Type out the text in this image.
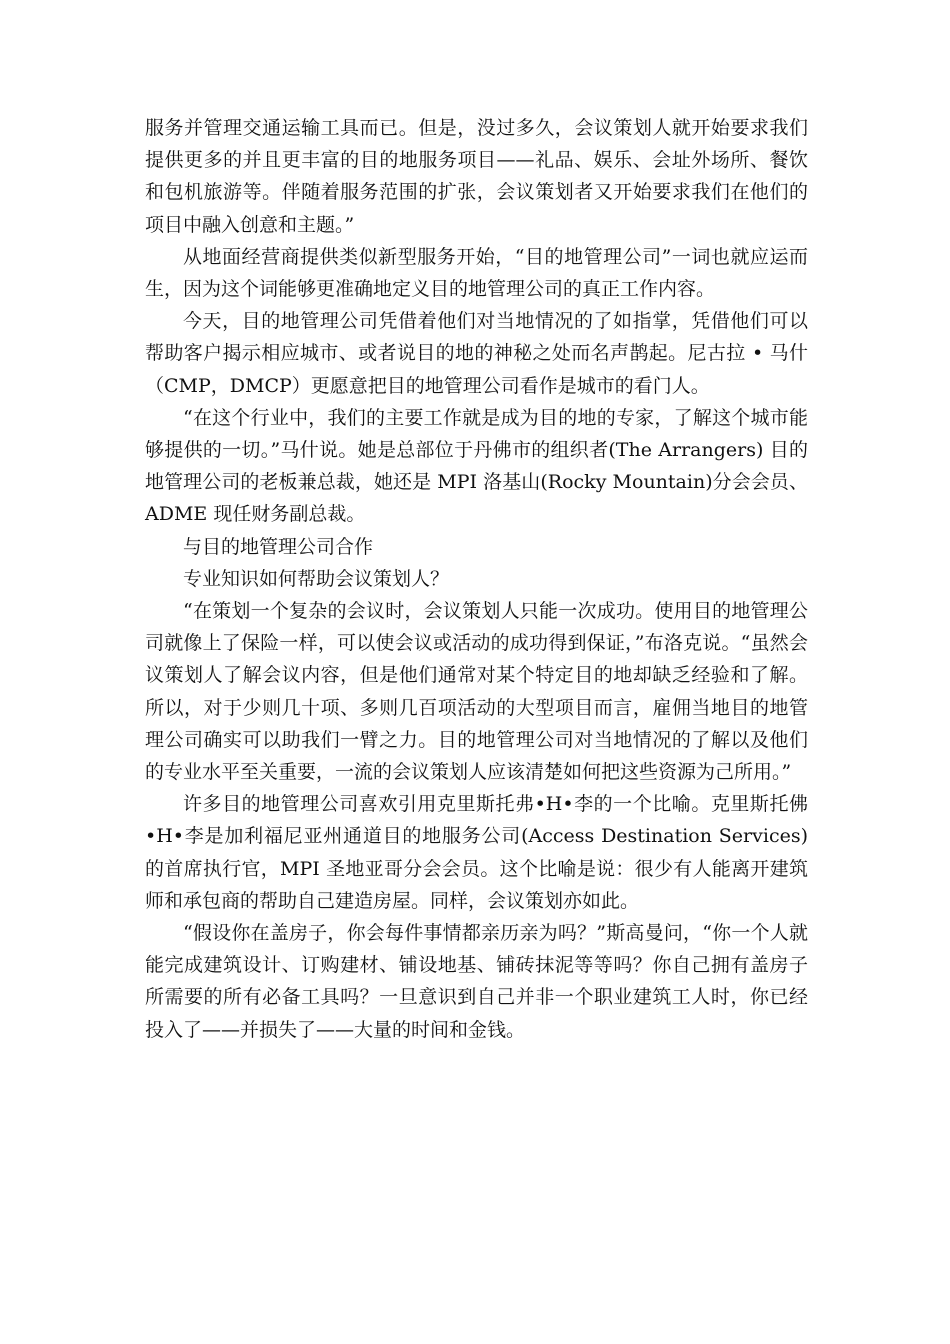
服务并管理交通运输工具而已。但是，没过多久，会议策划人就开始要求我们提供更多的并且更丰富的目的地服务项目——礼品、娱乐、会址外场所、餐饮和包机旅游等。伴随着服务范围的扩张，会议策划者又开始要求我们在他们的项目中融入创意和主题。”

从地面经营商提供类似新型服务开始，“目的地管理公司”一词也就应运而生，因为这个词能够更准确地定义目的地管理公司的真正工作内容。

今天，目的地管理公司凭借着他们对当地情况的了如指掌，凭借他们可以帮助客户揭示相应城市、或者说目的地的神秘之处而名声鹊起。尼古拉 • 马什（CMP，DMCP）更愿意把目的地管理公司看作是城市的看门人。

“在这个行业中，我们的主要工作就是成为目的地的专家，了解这个城市能够提供的一切。”马什说。她是总部位于丹佛市的组织者(The Arrangers) 目的地管理公司的老板兼总裁，她还是 MPI 洛基山(Rocky Mountain)分会会员、ADME 现任财务副总裁。

与目的地管理公司合作

专业知识如何帮助会议策划人？

“在策划一个复杂的会议时，会议策划人只能一次成功。使用目的地管理公司就像上了保险一样，可以使会议或活动的成功得到保证，”布洛克说。“虽然会议策划人了解会议内容，但是他们通常对某个特定目的地却缺乏经验和了解。所以，对于少则几十项、多则几百项活动的大型项目而言，雇佣当地目的地管理公司确实可以助我们一臂之力。目的地管理公司对当地情况的了解以及他们的专业水平至关重要，一流的会议策划人应该清楚如何把这些资源为己所用。”

许多目的地管理公司喜欢引用克里斯托弗•H•李的一个比喻。克里斯托佛•H•李是加利福尼亚州通道目的地服务公司(Access Destination Services)的首席执行官，MPI 圣地亚哥分会会员。这个比喻是说：很少有人能离开建筑师和承包商的帮助自己建造房屋。同样，会议策划亦如此。

“假设你在盖房子，你会每件事情都亲历亲为吗？”斯高曼问，“你一个人就能完成建筑设计、订购建材、铺设地基、铺砖抹泥等等吗？你自己拥有盖房子所需要的所有必备工具吗？一旦意识到自己并非一个职业建筑工人时，你已经投入了——并损失了——大量的时间和金钱。
